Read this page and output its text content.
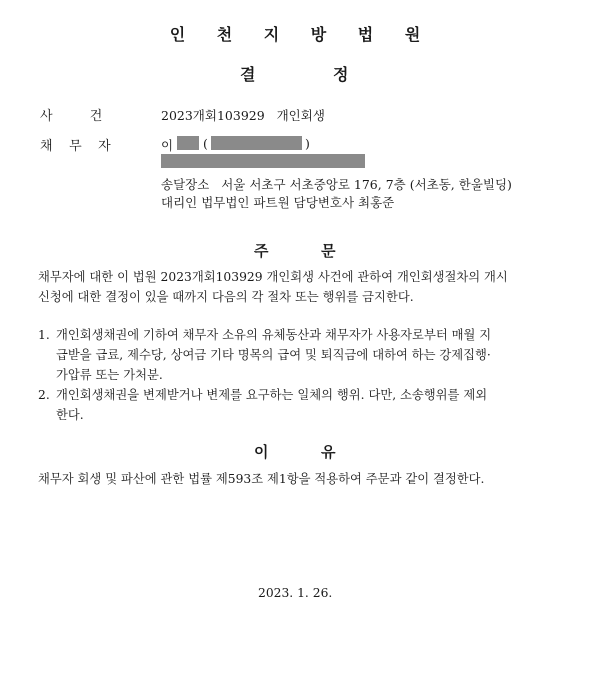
인 천 지 방 법 원
결	정
사         건	2023개회103929   개인회생
채    무    자	이 (	)
송달장소   서울 서초구 서초중앙로 176, 7층 (서초동, 한울빌딩)
대리인 법무법인 파트원 담당변호사 최홍준
주	문
채무자에 대한 이 법원 2023개회103929 개인회생 사건에 관하여 개인회생절차의 개시
신청에 대한 결정이 있을 때까지 다음의 각 절차 또는 행위를 금지한다.
1. 개인회생채권에 기하여 채무자 소유의 유체동산과 채무자가 사용자로부터 매월 지
급받을 급료, 제수당, 상여금 기타 명목의 급여 및 퇴직금에 대하여 하는 강제집행·
가압류 또는 가처분.
2. 개인회생채권을 변제받거나 변제를 요구하는 일체의 행위. 다만, 소송행위를 제외
한다.
이	유
채무자 회생 및 파산에 관한 법률 제593조 제1항을 적용하여 주문과 같이 결정한다.
2023. 1. 26.
